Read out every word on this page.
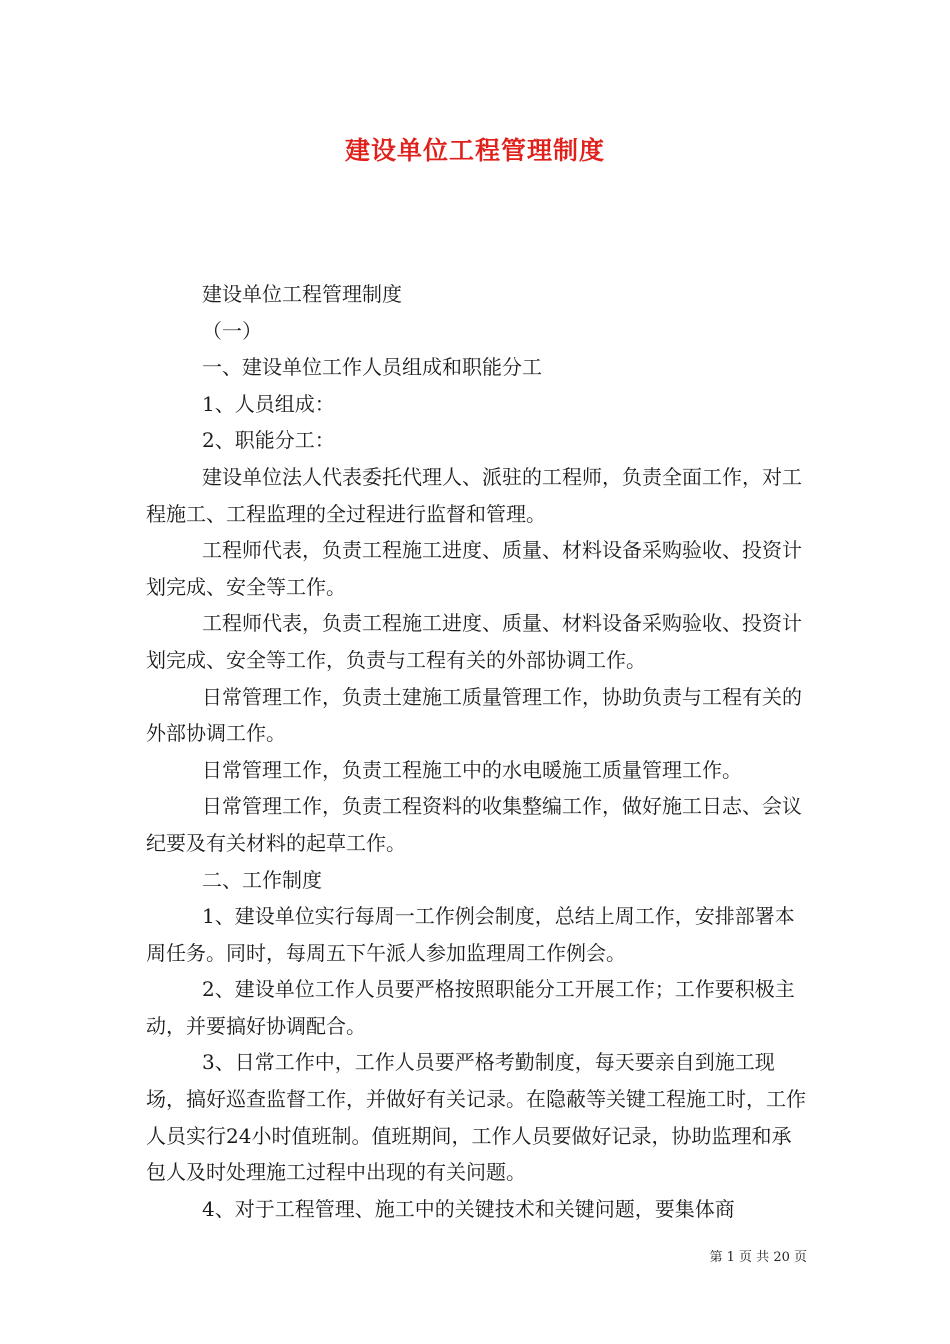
建设单位工程管理制度

建设单位工程管理制度

（一）

一、建设单位工作人员组成和职能分工

1、人员组成：

2、职能分工：

建设单位法人代表委托代理人、派驻的工程师，负责全面工作，对工程施工、工程监理的全过程进行监督和管理。

工程师代表，负责工程施工进度、质量、材料设备采购验收、投资计划完成、安全等工作。

工程师代表，负责工程施工进度、质量、材料设备采购验收、投资计划完成、安全等工作，负责与工程有关的外部协调工作。

日常管理工作，负责土建施工质量管理工作，协助负责与工程有关的外部协调工作。

日常管理工作，负责工程施工中的水电暖施工质量管理工作。

日常管理工作，负责工程资料的收集整编工作，做好施工日志、会议纪要及有关材料的起草工作。

二、工作制度

1、建设单位实行每周一工作例会制度，总结上周工作，安排部署本周任务。同时，每周五下午派人参加监理周工作例会。

2、建设单位工作人员要严格按照职能分工开展工作；工作要积极主动，并要搞好协调配合。

3、日常工作中，工作人员要严格考勤制度，每天要亲自到施工现场，搞好巡查监督工作，并做好有关记录。在隐蔽等关键工程施工时，工作人员实行24小时值班制。值班期间，工作人员要做好记录，协助监理和承包人及时处理施工过程中出现的有关问题。

4、对于工程管理、施工中的关键技术和关键问题，要集体商

第 1 页 共 20 页
